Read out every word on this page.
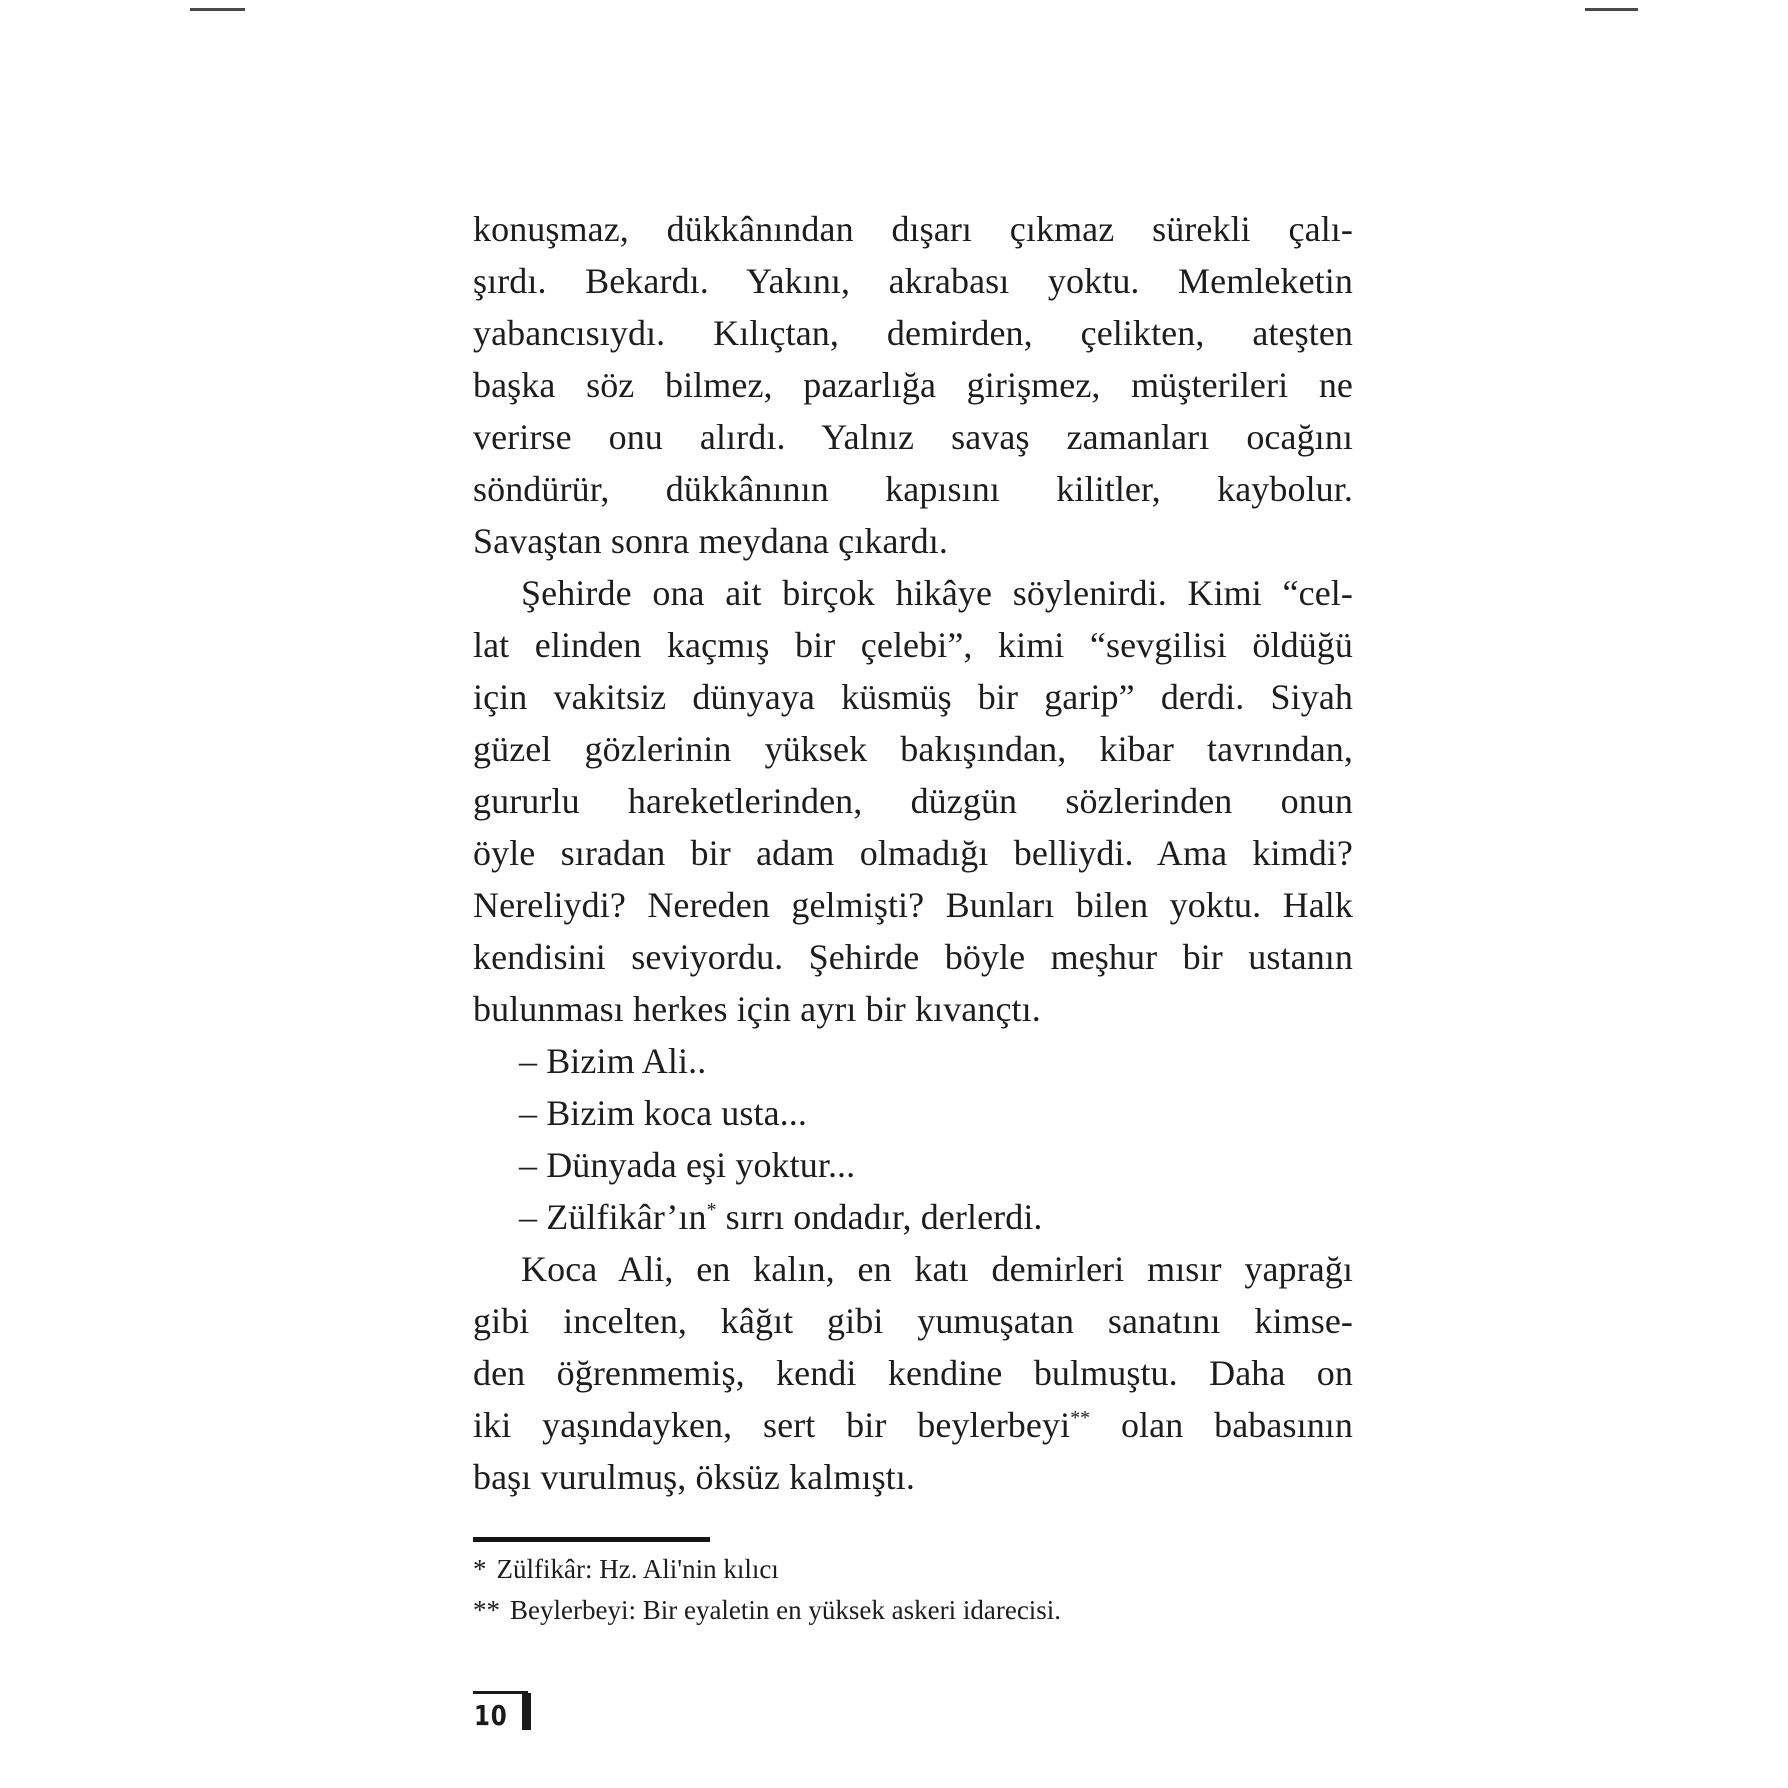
konuşmaz, dükkânından dışarı çıkmaz sürekli çalı-
şırdı. Bekardı. Yakını, akrabası yoktu. Memleketin
yabancısıydı. Kılıçtan, demirden, çelikten, ateşten
başka söz bilmez, pazarlığa girişmez, müşterileri ne
verirse onu alırdı. Yalnız savaş zamanları ocağını
söndürür, dükkânının kapısını kilitler, kaybolur.
Savaştan sonra meydana çıkardı.
Şehirde ona ait birçok hikâye söylenirdi. Kimi “cel-
lat elinden kaçmış bir çelebi”, kimi “sevgilisi öldüğü
için vakitsiz dünyaya küsmüş bir garip” derdi. Siyah
güzel gözlerinin yüksek bakışından, kibar tavrından,
gururlu hareketlerinden, düzgün sözlerinden onun
öyle sıradan bir adam olmadığı belliydi. Ama kimdi?
Nereliydi? Nereden gelmişti? Bunları bilen yoktu. Halk
kendisini seviyordu. Şehirde böyle meşhur bir ustanın
bulunması herkes için ayrı bir kıvançtı.
– Bizim Ali..
– Bizim koca usta...
– Dünyada eşi yoktur...
– Zülfikâr’ın* sırrı ondadır, derlerdi.
Koca Ali, en kalın, en katı demirleri mısır yaprağı
gibi incelten, kâğıt gibi yumuşatan sanatını kimse-
den öğrenmemiş, kendi kendine bulmuştu. Daha on
iki yaşındayken, sert bir beylerbeyi** olan babasının
başı vurulmuş, öksüz kalmıştı.
* Zülfikâr: Hz. Ali'nin kılıcı
** Beylerbeyi: Bir eyaletin en yüksek askeri idarecisi.
10
